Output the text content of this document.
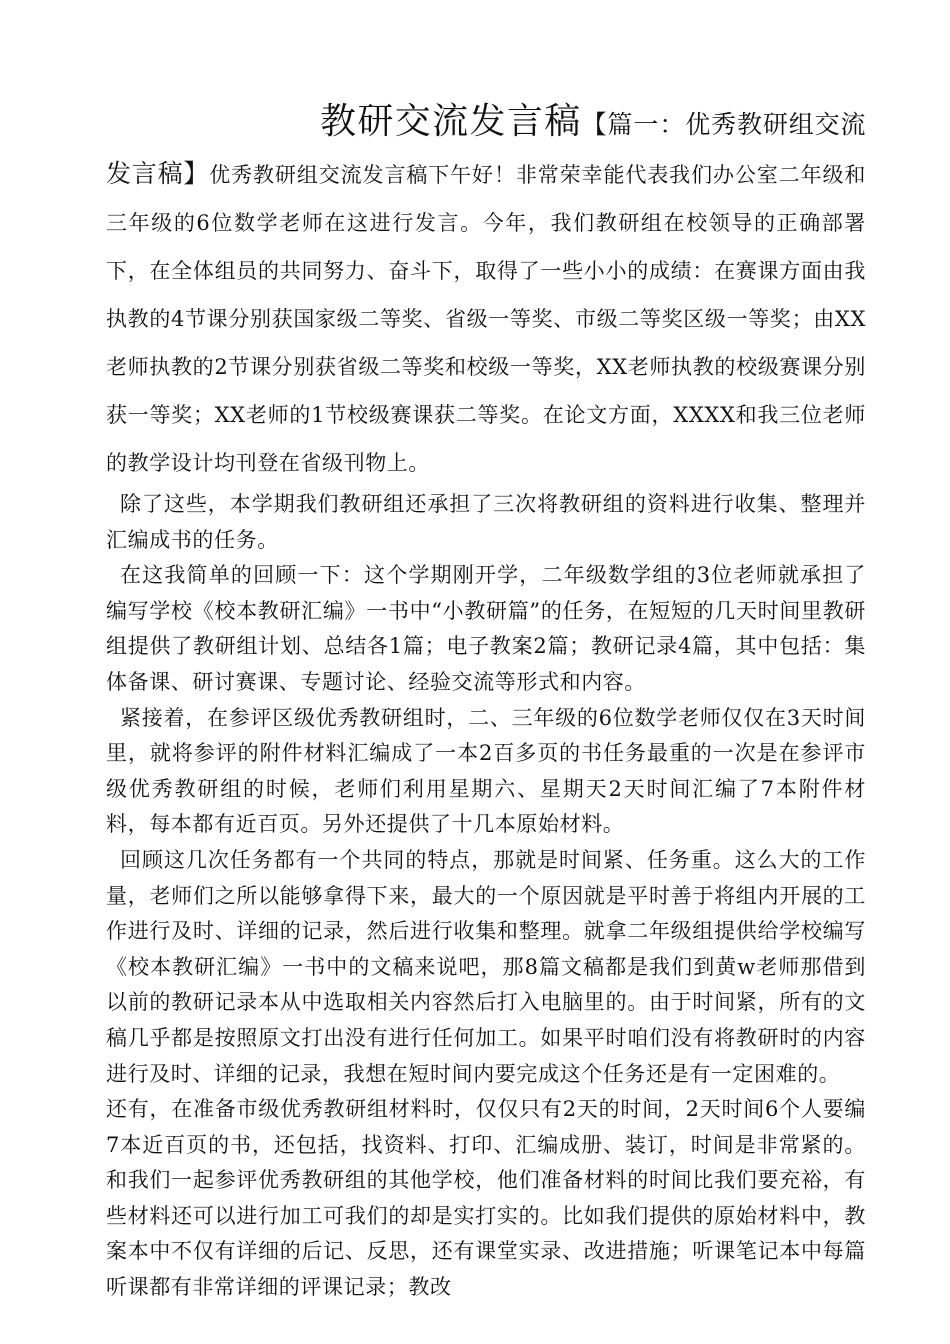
教研交流发言稿【篇一：优秀教研组交流发言稿】优秀教研组交流发言稿下午好！非常荣幸能代表我们办公室二年级和三年级的6位数学老师在这进行发言。今年，我们教研组在校领导的正确部署下，在全体组员的共同努力、奋斗下，取得了一些小小的成绩：在赛课方面由我执教的4节课分别获国家级二等奖、省级一等奖、市级二等奖区级一等奖；由XX老师执教的2节课分别获省级二等奖和校级一等奖，XX老师执教的校级赛课分别获一等奖；XX老师的1节校级赛课获二等奖。在论文方面，XXXX和我三位老师的教学设计均刊登在省级刊物上。

除了这些，本学期我们教研组还承担了三次将教研组的资料进行收集、整理并汇编成书的任务。

在这我简单的回顾一下：这个学期刚开学，二年级数学组的3位老师就承担了编写学校《校本教研汇编》一书中“小教研篇”的任务，在短短的几天时间里教研组提供了教研组计划、总结各1篇；电子教案2篇；教研记录4篇，其中包括：集体备课、研讨赛课、专题讨论、经验交流等形式和内容。

紧接着，在参评区级优秀教研组时，二、三年级的6位数学老师仅仅在3天时间里，就将参评的附件材料汇编成了一本2百多页的书任务最重的一次是在参评市级优秀教研组的时候，老师们利用星期六、星期天2天时间汇编了7本附件材料，每本都有近百页。另外还提供了十几本原始材料。

回顾这几次任务都有一个共同的特点，那就是时间紧、任务重。这么大的工作量，老师们之所以能够拿得下来，最大的一个原因就是平时善于将组内开展的工作进行及时、详细的记录，然后进行收集和整理。就拿二年级组提供给学校编写《校本教研汇编》一书中的文稿来说吧，那8篇文稿都是我们到黄w老师那借到以前的教研记录本从中选取相关内容然后打入电脑里的。由于时间紧，所有的文稿几乎都是按照原文打出没有进行任何加工。如果平时咱们没有将教研时的内容进行及时、详细的记录，我想在短时间内要完成这个任务还是有一定困难的。

还有，在准备市级优秀教研组材料时，仅仅只有2天的时间，2天时间6个人要编7本近百页的书，还包括，找资料、打印、汇编成册、装订，时间是非常紧的。和我们一起参评优秀教研组的其他学校，他们准备材料的时间比我们要充裕，有些材料还可以进行加工可我们的却是实打实的。比如我们提供的原始材料中，教案本中不仅有详细的后记、反思，还有课堂实录、改进措施；听课笔记本中每篇听课都有非常详细的评课记录；教改
